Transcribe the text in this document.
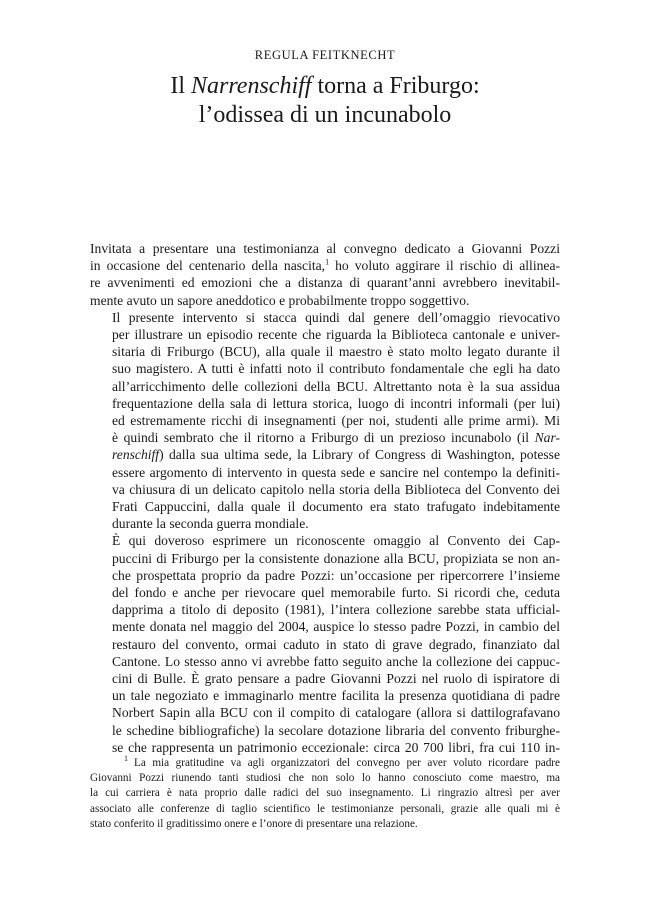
REGULA FEITKNECHT
Il Narrenschiff torna a Friburgo:
l’odissea di un incunabolo

Invitata a presentare una testimonianza al convegno dedicato a Giovanni Pozzi
in occasione del centenario della nascita,$^1$ ho voluto aggirare il rischio di allinea-
re avvenimenti ed emozioni che a distanza di quarant’anni avrebbero inevitabil-
mente avuto un sapore aneddotico e probabilmente troppo soggettivo.

Il presente intervento si stacca quindi dal genere dell’omaggio rievocativo
per illustrare un episodio recente che riguarda la Biblioteca cantonale e univer-
sitaria di Friburgo (BCU), alla quale il maestro è stato molto legato durante il
suo magistero. A tutti è infatti noto il contributo fondamentale che egli ha dato
all’arricchimento delle collezioni della BCU. Altrettanto nota è la sua assidua
frequentazione della sala di lettura storica, luogo di incontri informali (per lui)
ed estremamente ricchi di insegnamenti (per noi, studenti alle prime armi). Mi
è quindi sembrato che il ritorno a Friburgo di un prezioso incunabolo (il Nar-
renschiff) dalla sua ultima sede, la Library of Congress di Washington, potesse
essere argomento di intervento in questa sede e sancire nel contempo la definiti-
va chiusura di un delicato capitolo nella storia della Biblioteca del Convento dei
Frati Cappuccini, dalla quale il documento era stato trafugato indebitamente
durante la seconda guerra mondiale.

È qui doveroso esprimere un riconoscente omaggio al Convento dei Cap-
puccini di Friburgo per la consistente donazione alla BCU, propiziata se non an-
che prospettata proprio da padre Pozzi: un’occasione per ripercorrere l’insieme
del fondo e anche per rievocare quel memorabile furto. Si ricordi che, ceduta
dapprima a titolo di deposito (1981), l’intera collezione sarebbe stata ufficial-
mente donata nel maggio del 2004, auspice lo stesso padre Pozzi, in cambio del
restauro del convento, ormai caduto in stato di grave degrado, finanziato dal
Cantone. Lo stesso anno vi avrebbe fatto seguito anche la collezione dei cappuc-
cini di Bulle. È grato pensare a padre Giovanni Pozzi nel ruolo di ispiratore di
un tale negoziato e immaginarlo mentre facilita la presenza quotidiana di padre
Norbert Sapin alla BCU con il compito di catalogare (allora si dattilografavano
le schedine bibliografiche) la secolare dotazione libraria del convento friburghe-
se che rappresenta un patrimonio eccezionale: circa 20 700 libri, fra cui 110 in-

$^1$ La mia gratitudine va agli organizzatori del convegno per aver voluto ricordare padre
Giovanni Pozzi riunendo tanti studiosi che non solo lo hanno conosciuto come maestro, ma
la cui carriera è nata proprio dalle radici del suo insegnamento. Li ringrazio altresì per aver
associato alle conferenze di taglio scientifico le testimonianze personali, grazie alle quali mi è
stato conferito il graditissimo onere e l’onore di presentare una relazione.
